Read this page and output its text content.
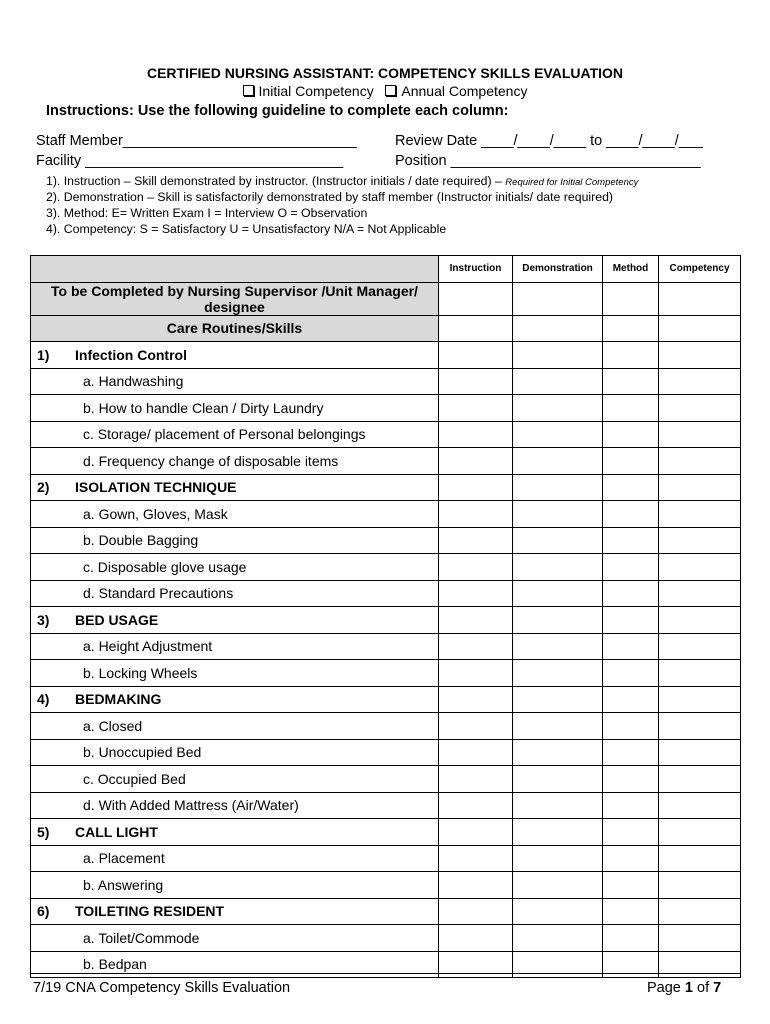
CERTIFIED NURSING ASSISTANT: COMPETENCY SKILLS EVALUATION
Initial Competency Annual Competency
Instructions: Use the following guideline to complete each column:
Staff Member_____________________________	Review Date ____/____/____ to ____/____/___
Facility ________________________________	Position _______________________________
1). Instruction – Skill demonstrated by instructor. (Instructor initials / date required) – Required for Initial Competency
2). Demonstration – Skill is satisfactorily demonstrated by staff member (Instructor initials/ date required)
3). Method: E= Written Exam I = Interview O = Observation
4). Competency: S = Satisfactory U = Unsatisfactory N/A = Not Applicable
	Instruction	Demonstration	Method	Competency
To be Completed by Nursing Supervisor /Unit Manager/
designee				
Care Routines/Skills				
1) Infection Control				
a. Handwashing				
b. How to handle Clean / Dirty Laundry				
c. Storage/ placement of Personal belongings				
d. Frequency change of disposable items				
2) ISOLATION TECHNIQUE				
a. Gown, Gloves, Mask				
b. Double Bagging				
c. Disposable glove usage				
d. Standard Precautions				
3) BED USAGE				
a. Height Adjustment				
b. Locking Wheels				
4) BEDMAKING				
a. Closed				
b. Unoccupied Bed				
c. Occupied Bed				
d. With Added Mattress (Air/Water)				
5) CALL LIGHT				
a. Placement				
b. Answering				
6) TOILETING RESIDENT				
a. Toilet/Commode				
b. Bedpan				
7/19 CNA Competency Skills Evaluation	Page 1 of 7
